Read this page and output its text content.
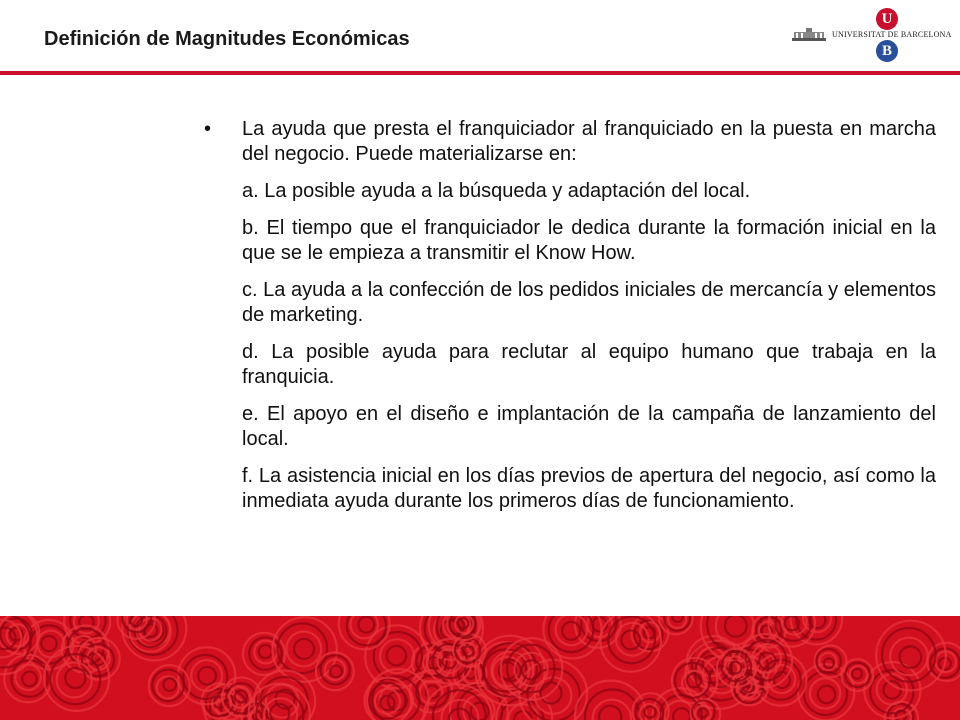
Definición de Magnitudes Económicas
U
UNIVERSITAT DE BARCELONA
B
• La ayuda que presta el franquiciador al franquiciado en la puesta en marcha del negocio. Puede materializarse en:
a. La posible ayuda a la búsqueda y adaptación del local.
b. El tiempo que el franquiciador le dedica durante la formación inicial en la que se le empieza a transmitir el Know How.
c. La ayuda a la confección de los pedidos iniciales de mercancía y elementos de marketing.
d. La posible ayuda para reclutar al equipo humano que trabaja en la franquicia.
e. El apoyo en el diseño e implantación de la campaña de lanzamiento del local.
f. La asistencia inicial en los días previos de apertura del negocio, así como la inmediata ayuda durante los primeros días de funcionamiento.
